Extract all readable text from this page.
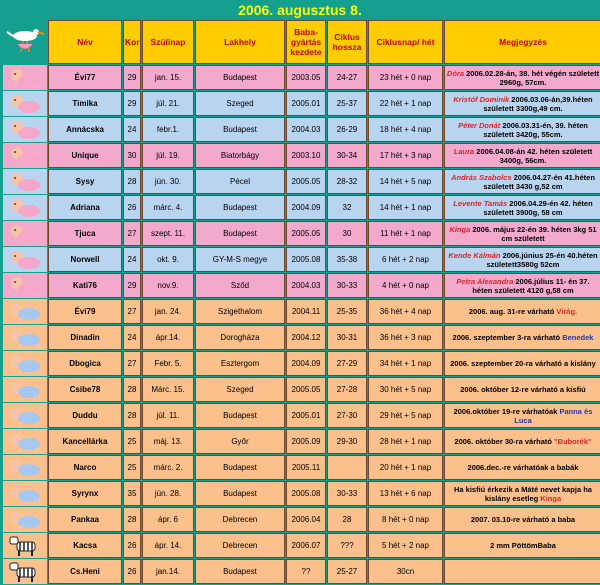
2006. augusztus 8.
	Név	Kor	Szülinap	Lakhely	Baba-gyártás kezdete	Ciklus hossza	Ciklusnap/ hét	Megjegyzés

	Évi77	29	jan. 15.	Budapest	2003.05	24-27	23 hét + 0 nap	Dóra 2006.02.28-án, 38. hét végén született 2960g, 57cm.

	Timika	29	júl. 21.	Szeged	2005.01	25-37	22 hét + 1 nap	Kristóf Dominik 2006.03.06-án,39.héten született 3300g,49 cm.

	Annácska	24	febr.1.	Budapest	2004.03	26-29	18 hét + 4 nap	Péter Donát 2006.03.31-én, 39. héten született 3420g, 55cm.

	Unique	30	júl. 19.	Biatorbágy	2003.10	30-34	17 hét + 3 nap	Laura 2006.04.08-án 42. héten született 3400g, 56cm.

	Sysy	28	jún. 30.	Pécel	2005.05	28-32	14 hét + 5 nap	András Szabolcs 2006.04.27-én 41.héten született 3430 g,52 cm

	Adriana	26	márc. 4.	Budapest	2004.09	32	14 hét + 1 nap	Levente Tamás 2006.04.29-én 42. héten született 3900g, 58 cm

	Tjuca	27	szept. 11.	Budapest	2005.05	30	11 hét + 1 nap	Kinga 2006. május 22-én 39. héten 3kg 51 cm született

	Norwell	24	okt. 9.	GY-M-S megye	2005.08	35-38	6 hét + 2 nap	Kende Kálmán 2006.június 25-én 40.héten született3580g 52cm

	Kati76	29	nov.9.	Sződ	2004.03	30-33	4 hét + 0 nap	Petra Alexandra 2006.július 11- én 37. héten született 4120 g,58 cm

	Évi79	27	jan. 24.	Szigethalom	2004.11	25-35	36 hét + 4 nap	2006. aug. 31-re várható Virág.

	Dinadin	24	ápr.14.	Dorogháza	2004.12	30-31	36 hét + 3 nap	2006. szeptember 3-ra várható Benedek

	Dbogica	27	Febr. 5.	Esztergom	2004.09	27-29	34 hét + 1 nap	2006. szeptember 20-ra várható a kislány

	Csibe78	28	Márc. 15.	Szeged	2005.05	27-28	30 hét + 5 nap	2006. október 12-re várható a kisfiú

	Duddu	28	júl. 11.	Budapest	2005.01	27-30	29 hét + 5 nap	2006.október 19-re várhatóak Panna és Luca

	Kancellárka	25	máj. 13.	Győr	2005.09	29-30	28 hét + 1 nap	2006. október 30-ra várható "Buborék"

	Narco	25	márc. 2.	Budapest	2005.11		20 hét + 1 nap	2006.dec.-re várhatóak a babák

	Syrynx	35	jún. 28.	Budapest	2005.08	30-33	13 hét + 6 nap	Ha kisfiú érkezik a Máté nevet kapja ha kislány esetleg Kinga

	Pankaa	28	ápr. 6	Debrecen	2006.04	28	8 hét + 0 nap	2007. 03.10-re várható a baba

	Kacsa	26	ápr. 14.	Debrecen	2006.07	???	5 hét + 2 nap	2 mm PöttömBaba

	Cs.Heni	26	jan.14.	Budapest	??	25-27	30cn	
